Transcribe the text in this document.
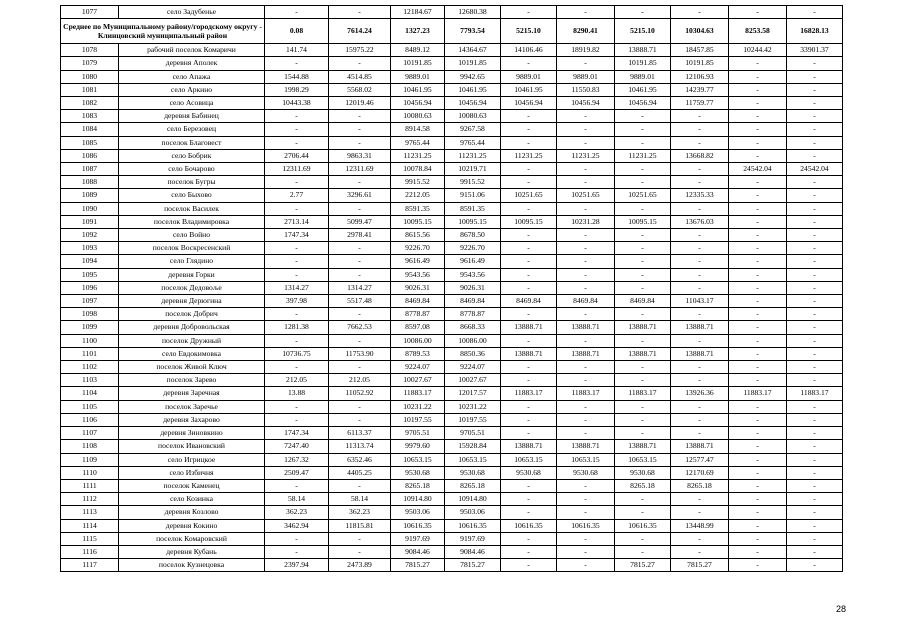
1077	село Задубенье	-	-	12184.67	12680.38	-	-	-	-	-	-
Среднее по Муниципальному району/городскому округу - Клинцовский муниципальный район		0.08	7614.24	1327.23	7793.54	5215.10	8290.41	5215.10	10304.63	8253.58	16828.13
1078	рабочий поселок Комаричи	141.74	15975.22	8489.12	14364.67	14106.46	18919.82	13888.71	18457.85	10244.42	33901.37
1079	деревня Аполек	-	-	10191.85	10191.85	-	-	10191.85	10191.85	-	-
1080	село Апажа	1544.88	4514.85	9889.01	9942.65	9889.01	9889.01	9889.01	12106.93	-	-
1081	село Аркино	1998.29	5568.02	10461.95	10461.95	10461.95	11550.83	10461.95	14239.77	-	-
1082	село Асовица	10443.38	12019.46	10456.94	10456.94	10456.94	10456.94	10456.94	11759.77	-	-
1083	деревня Бабинец	-	-	10080.63	10080.63	-	-	-	-	-	-
1084	село Березовец	-	-	8914.58	9267.58	-	-	-	-	-	-
1085	поселок Благовест	-	-	9765.44	9765.44	-	-	-	-	-	-
1086	село Бобрик	2706.44	9863.31	11231.25	11231.25	11231.25	11231.25	11231.25	13668.82	-	-
1087	село Бочарово	12311.69	12311.69	10078.84	10219.71	-	-	-	-	24542.04	24542.04
1088	поселок Бугры	-	-	9915.52	9915.52	-	-	-	-	-	-
1089	село Быхово	2.77	3296.61	2212.05	9151.06	10251.65	10251.65	10251.65	12335.33	-	-
1090	поселок Василек	-	-	8591.35	8591.35	-	-	-	-	-	-
1091	поселок Владимировка	2713.14	5099.47	10095.15	10095.15	10095.15	10231.28	10095.15	13676.03	-	-
1092	село Войно	1747.34	2978.41	8615.56	8678.50	-	-	-	-	-	-
1093	поселок Воскресенский	-	-	9226.70	9226.70	-	-	-	-	-	-
1094	село Глядино	-	-	9616.49	9616.49	-	-	-	-	-	-
1095	деревня Горки	-	-	9543.56	9543.56	-	-	-	-	-	-
1096	поселок Дедовоље	1314.27	1314.27	9026.31	9026.31	-	-	-	-	-	-
1097	деревня Дерюгина	397.98	5517.48	8469.84	8469.84	8469.84	8469.84	8469.84	11043.17	-	-
1098	поселок Добрич	-	-	8778.87	8778.87	-	-	-	-	-	-
1099	деревня Добровольская	1281.38	7662.53	8597.08	8668.33	13888.71	13888.71	13888.71	13888.71	-	-
1100	поселок Дружный	-	-	10086.00	10086.00	-	-	-	-	-	-
1101	село Евдокимовка	10736.75	11753.90	8789.53	8850.36	13888.71	13888.71	13888.71	13888.71	-	-
1102	поселок Живой Ключ	-	-	9224.07	9224.07	-	-	-	-	-	-
1103	поселок Зарево	212.05	212.05	10027.67	10027.67	-	-	-	-	-	-
1104	деревня Заречная	13.88	11052.92	11883.17	12017.57	11883.17	11883.17	11883.17	13926.36	11883.17	11883.17
1105	поселок Заречье	-	-	10231.22	10231.22	-	-	-	-	-	-
1106	деревня Захарово	-	-	10197.55	10197.55	-	-	-	-	-	-
1107	деревня Зиновкино	1747.34	6113.37	9705.51	9705.51	-	-	-	-	-	-
1108	поселок Ивановский	7247.40	11313.74	9979.60	15928.84	13888.71	13888.71	13888.71	13888.71	-	-
1109	село Игрицкое	1267.32	6352.46	10653.15	10653.15	10653.15	10653.15	10653.15	12577.47	-	-
1110	село Избичня	2509.47	4405.25	9530.68	9530.68	9530.68	9530.68	9530.68	12170.69	-	-
1111	поселок Каменец	-	-	8265.18	8265.18	-	-	8265.18	8265.18	-	-
1112	село Козинка	58.14	58.14	10914.80	10914.80	-	-	-	-	-	-
1113	деревня Козлово	362.23	362.23	9503.06	9503.06	-	-	-	-	-	-
1114	деревня Кокино	3462.94	11815.81	10616.35	10616.35	10616.35	10616.35	10616.35	13448.99	-	-
1115	поселок Комаровский	-	-	9197.69	9197.69	-	-	-	-	-	-
1116	деревня Кубань	-	-	9084.46	9084.46	-	-	-	-	-	-
1117	поселок Кузнецовка	2397.94	2473.89	7815.27	7815.27	-	-	7815.27	7815.27	-	-
28
